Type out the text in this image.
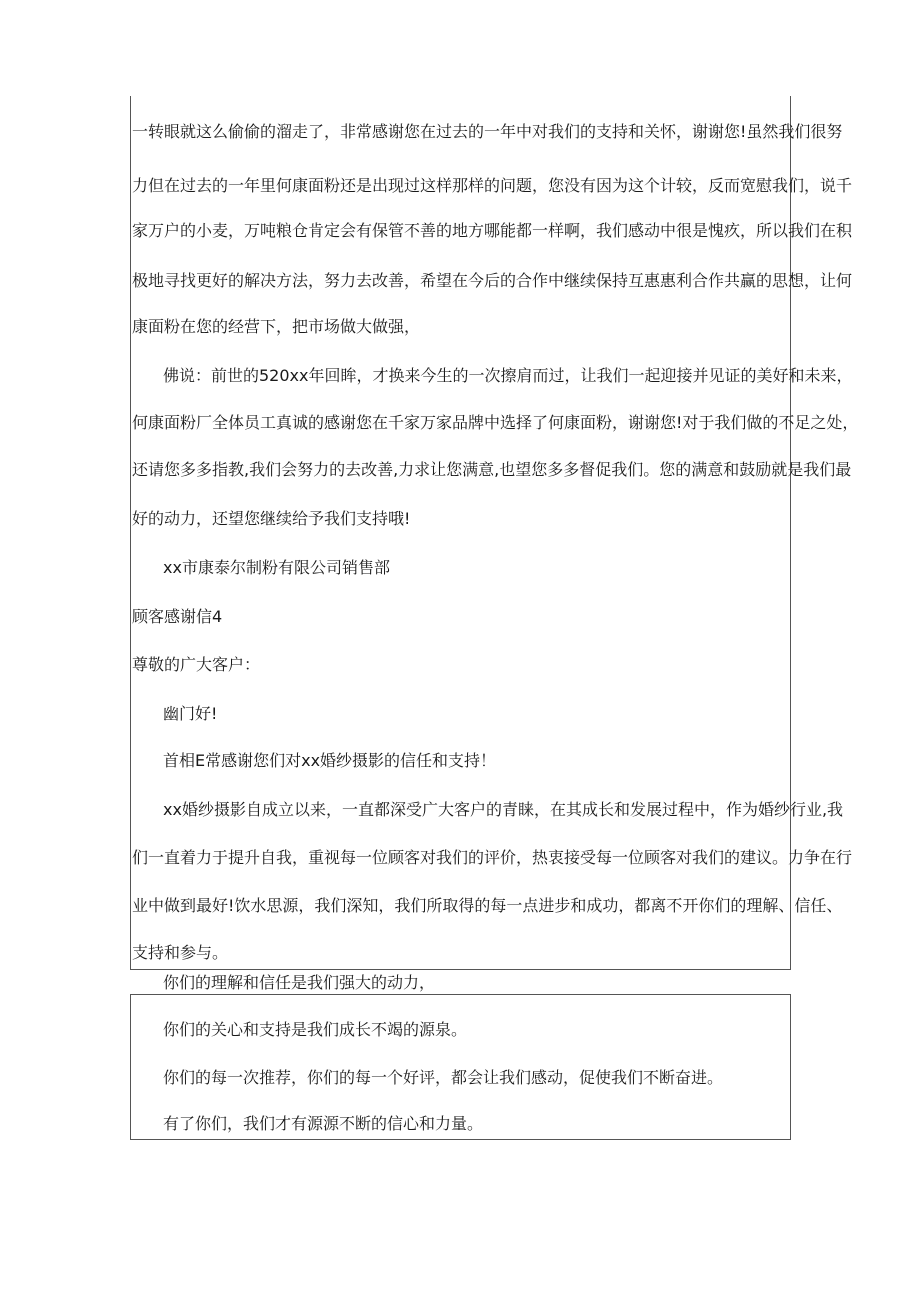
一转眼就这么偷偷的溜走了，非常感谢您在过去的一年中对我们的支持和关怀，谢谢您!虽然我们很努
力但在过去的一年里何康面粉还是出现过这样那样的问题，您没有因为这个计较，反而宽慰我们，说千
家万户的小麦，万吨粮仓肯定会有保管不善的地方哪能都一样啊，我们感动中很是愧疚，所以我们在积
极地寻找更好的解决方法，努力去改善，希望在今后的合作中继续保持互惠惠利合作共赢的思想，让何
康面粉在您的经营下，把市场做大做强，
佛说：前世的520xx年回眸，才换来今生的一次擦肩而过，让我们一起迎接并见证的美好和未来，
何康面粉厂全体员工真诚的感谢您在千家万家品牌中选择了何康面粉，谢谢您!对于我们做的不足之处，
还请您多多指教,我们会努力的去改善,力求让您满意,也望您多多督促我们。您的满意和鼓励就是我们最
好的动力，还望您继续给予我们支持哦!
xx市康泰尔制粉有限公司销售部
顾客感谢信4
尊敬的广大客户：
幽门好!
首相E常感谢您们对xx婚纱摄影的信任和支持！
xx婚纱摄影自成立以来，一直都深受广大客户的青睐，在其成长和发展过程中，作为婚纱行业,我
们一直着力于提升自我，重视每一位顾客对我们的评价，热衷接受每一位顾客对我们的建议。力争在行
业中做到最好!饮水思源，我们深知，我们所取得的每一点进步和成功，都离不开你们的理解、信任、
支持和参与。
你们的理解和信任是我们强大的动力，
你们的关心和支持是我们成长不竭的源泉。
你们的每一次推荐，你们的每一个好评，都会让我们感动，促使我们不断奋进。
有了你们，我们才有源源不断的信心和力量。
